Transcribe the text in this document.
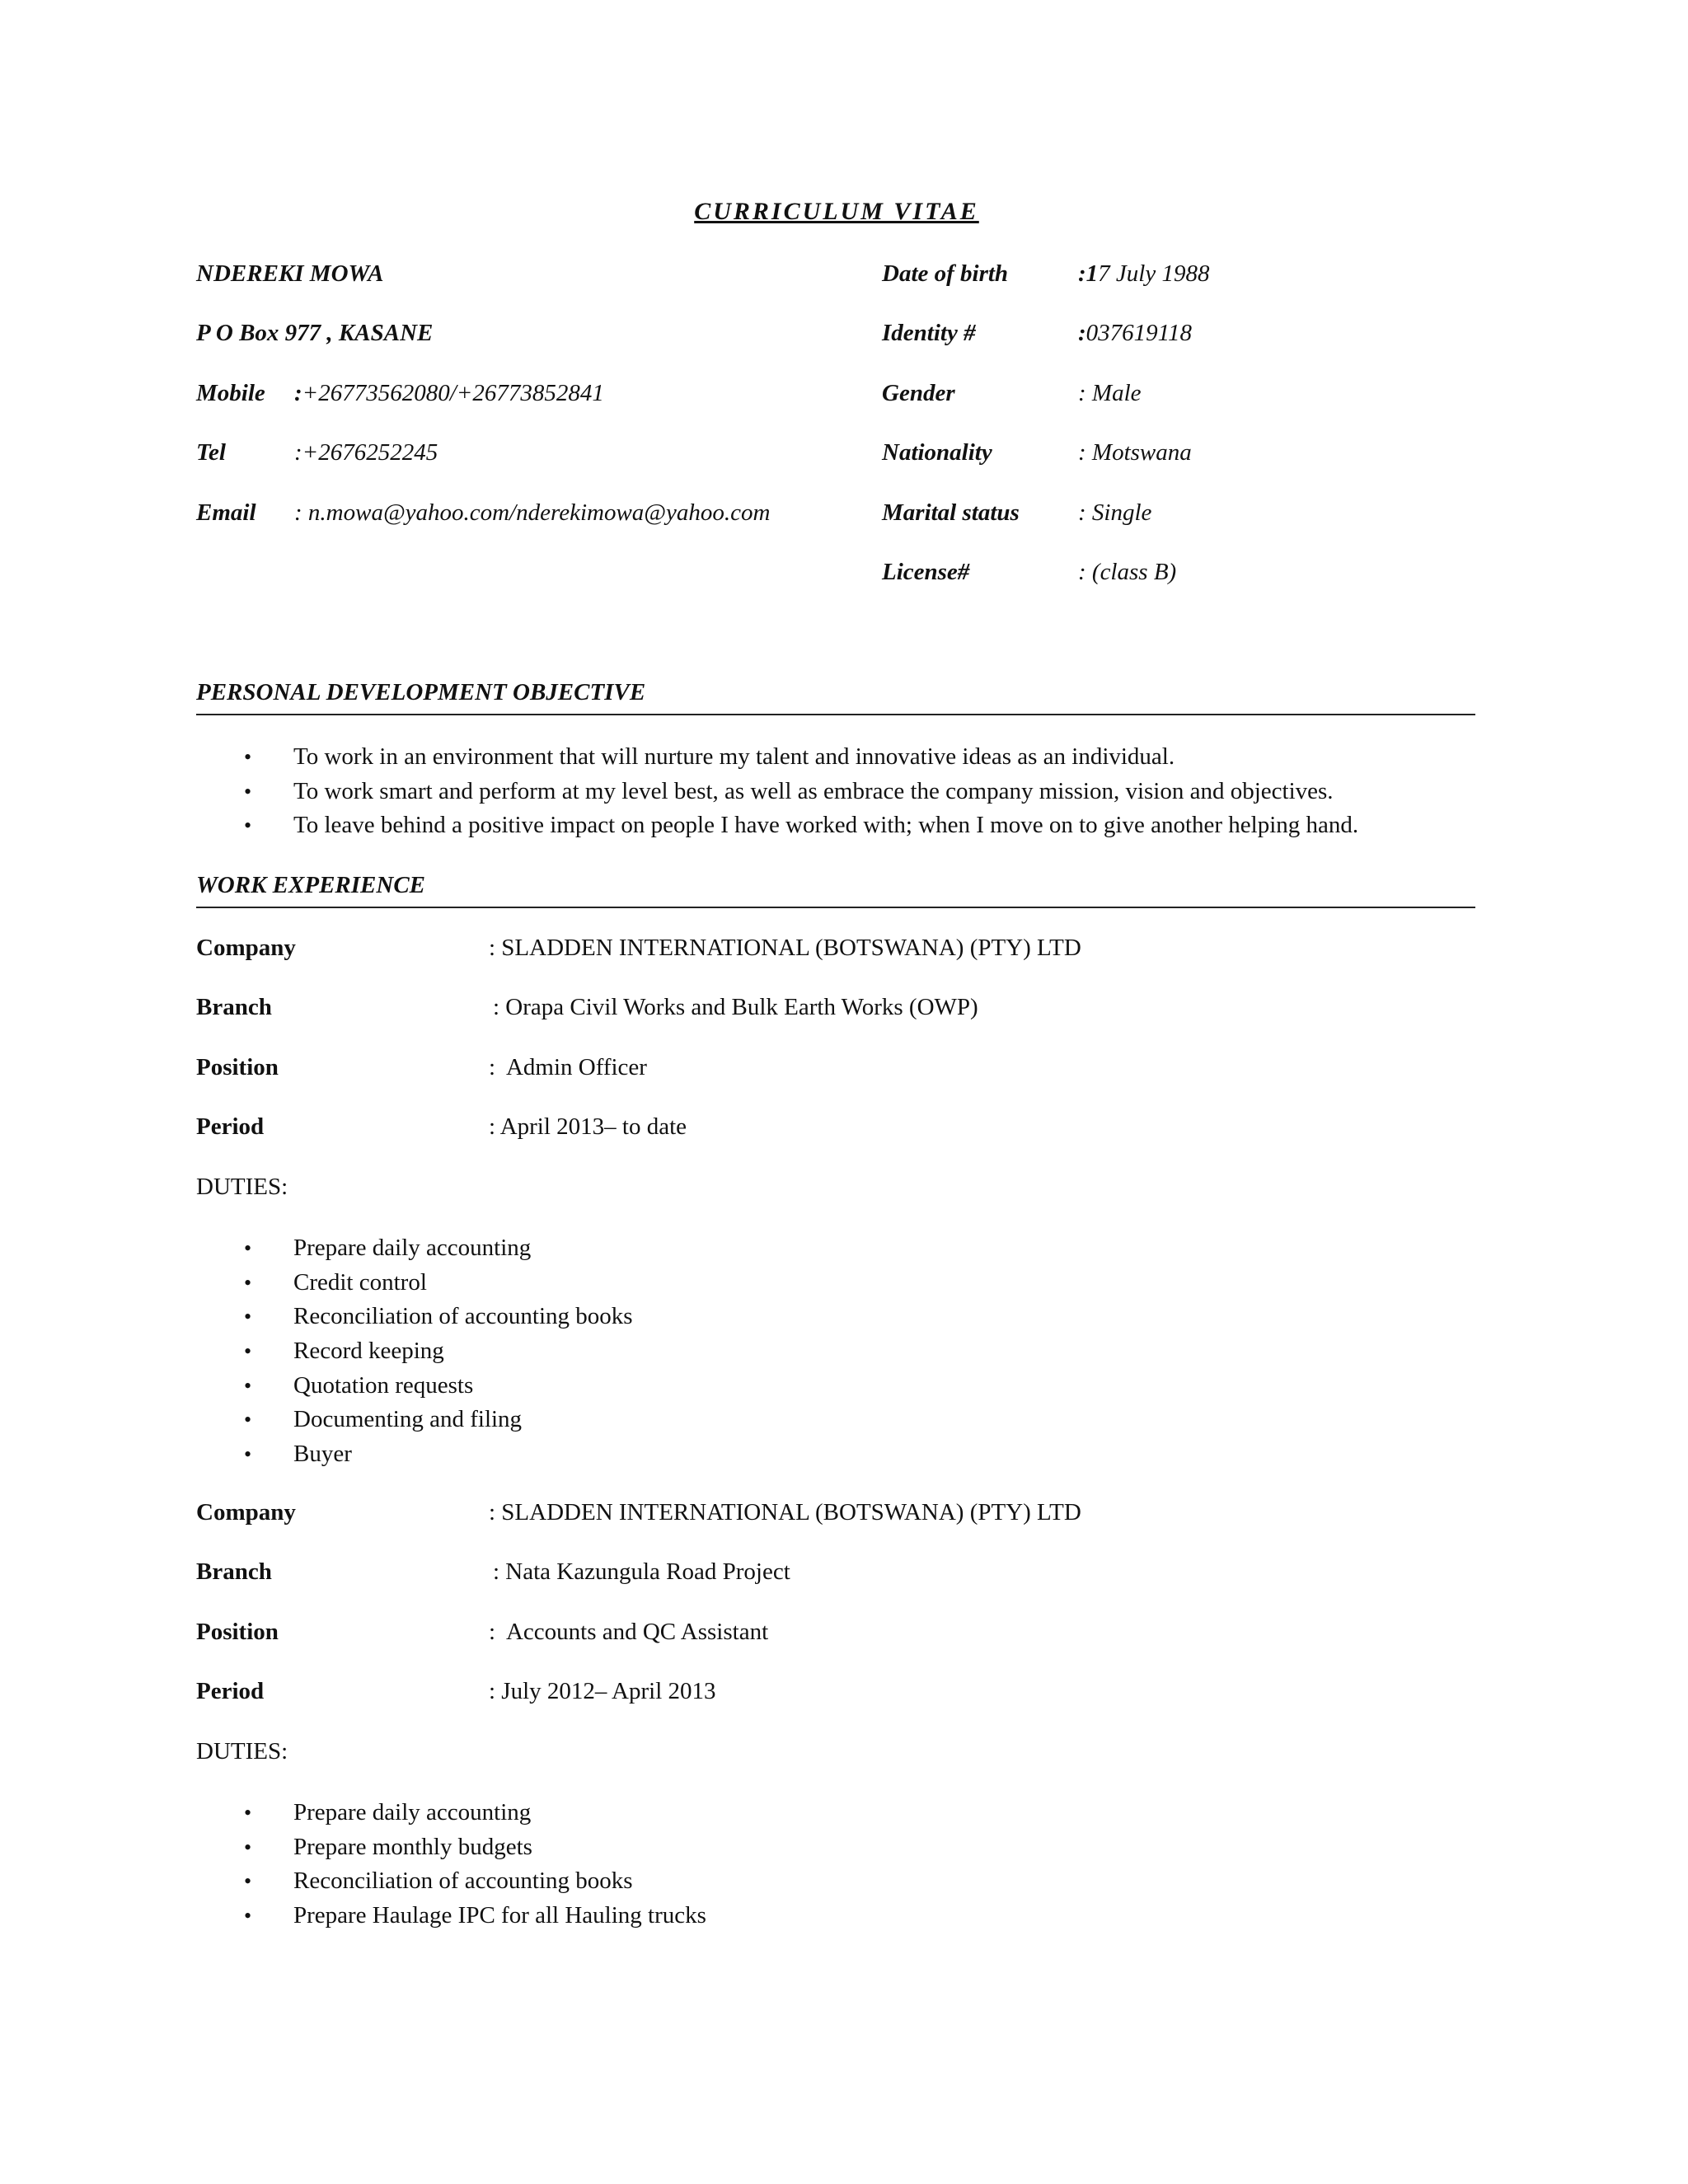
CURRICULUM VITAE
NDEREKI MOWA
P O Box 977 , KASANE
Mobile :+26773562080/+26773852841
Tel	:+2676252245
Email : n.mowa@yahoo.com/nderekimowa@yahoo.com
Date of birth	:17 July 1988
Identity #	:037619118
Gender	: Male
Nationality	: Motswana
Marital status : Single
License#	: (class B)
PERSONAL DEVELOPMENT OBJECTIVE
• To work in an environment that will nurture my talent and innovative ideas as an individual.
• To work smart and perform at my level best, as well as embrace the company mission, vision and objectives.
• To leave behind a positive impact on people I have worked with; when I move on to give another helping hand.
WORK EXPERIENCE
Company	: SLADDEN INTERNATIONAL (BOTSWANA) (PTY) LTD
Branch	: Orapa Civil Works and Bulk Earth Works (OWP)
Position	:  Admin Officer
Period	: April 2013– to date
DUTIES:
• Prepare daily accounting
• Credit control
• Reconciliation of accounting books
• Record keeping
• Quotation requests
• Documenting and filing
• Buyer
Company	: SLADDEN INTERNATIONAL (BOTSWANA) (PTY) LTD
Branch	: Nata Kazungula Road Project
Position	:  Accounts and QC Assistant
Period	: July 2012– April 2013
DUTIES:
• Prepare daily accounting
• Prepare monthly budgets
• Reconciliation of accounting books
• Prepare Haulage IPC for all Hauling trucks
